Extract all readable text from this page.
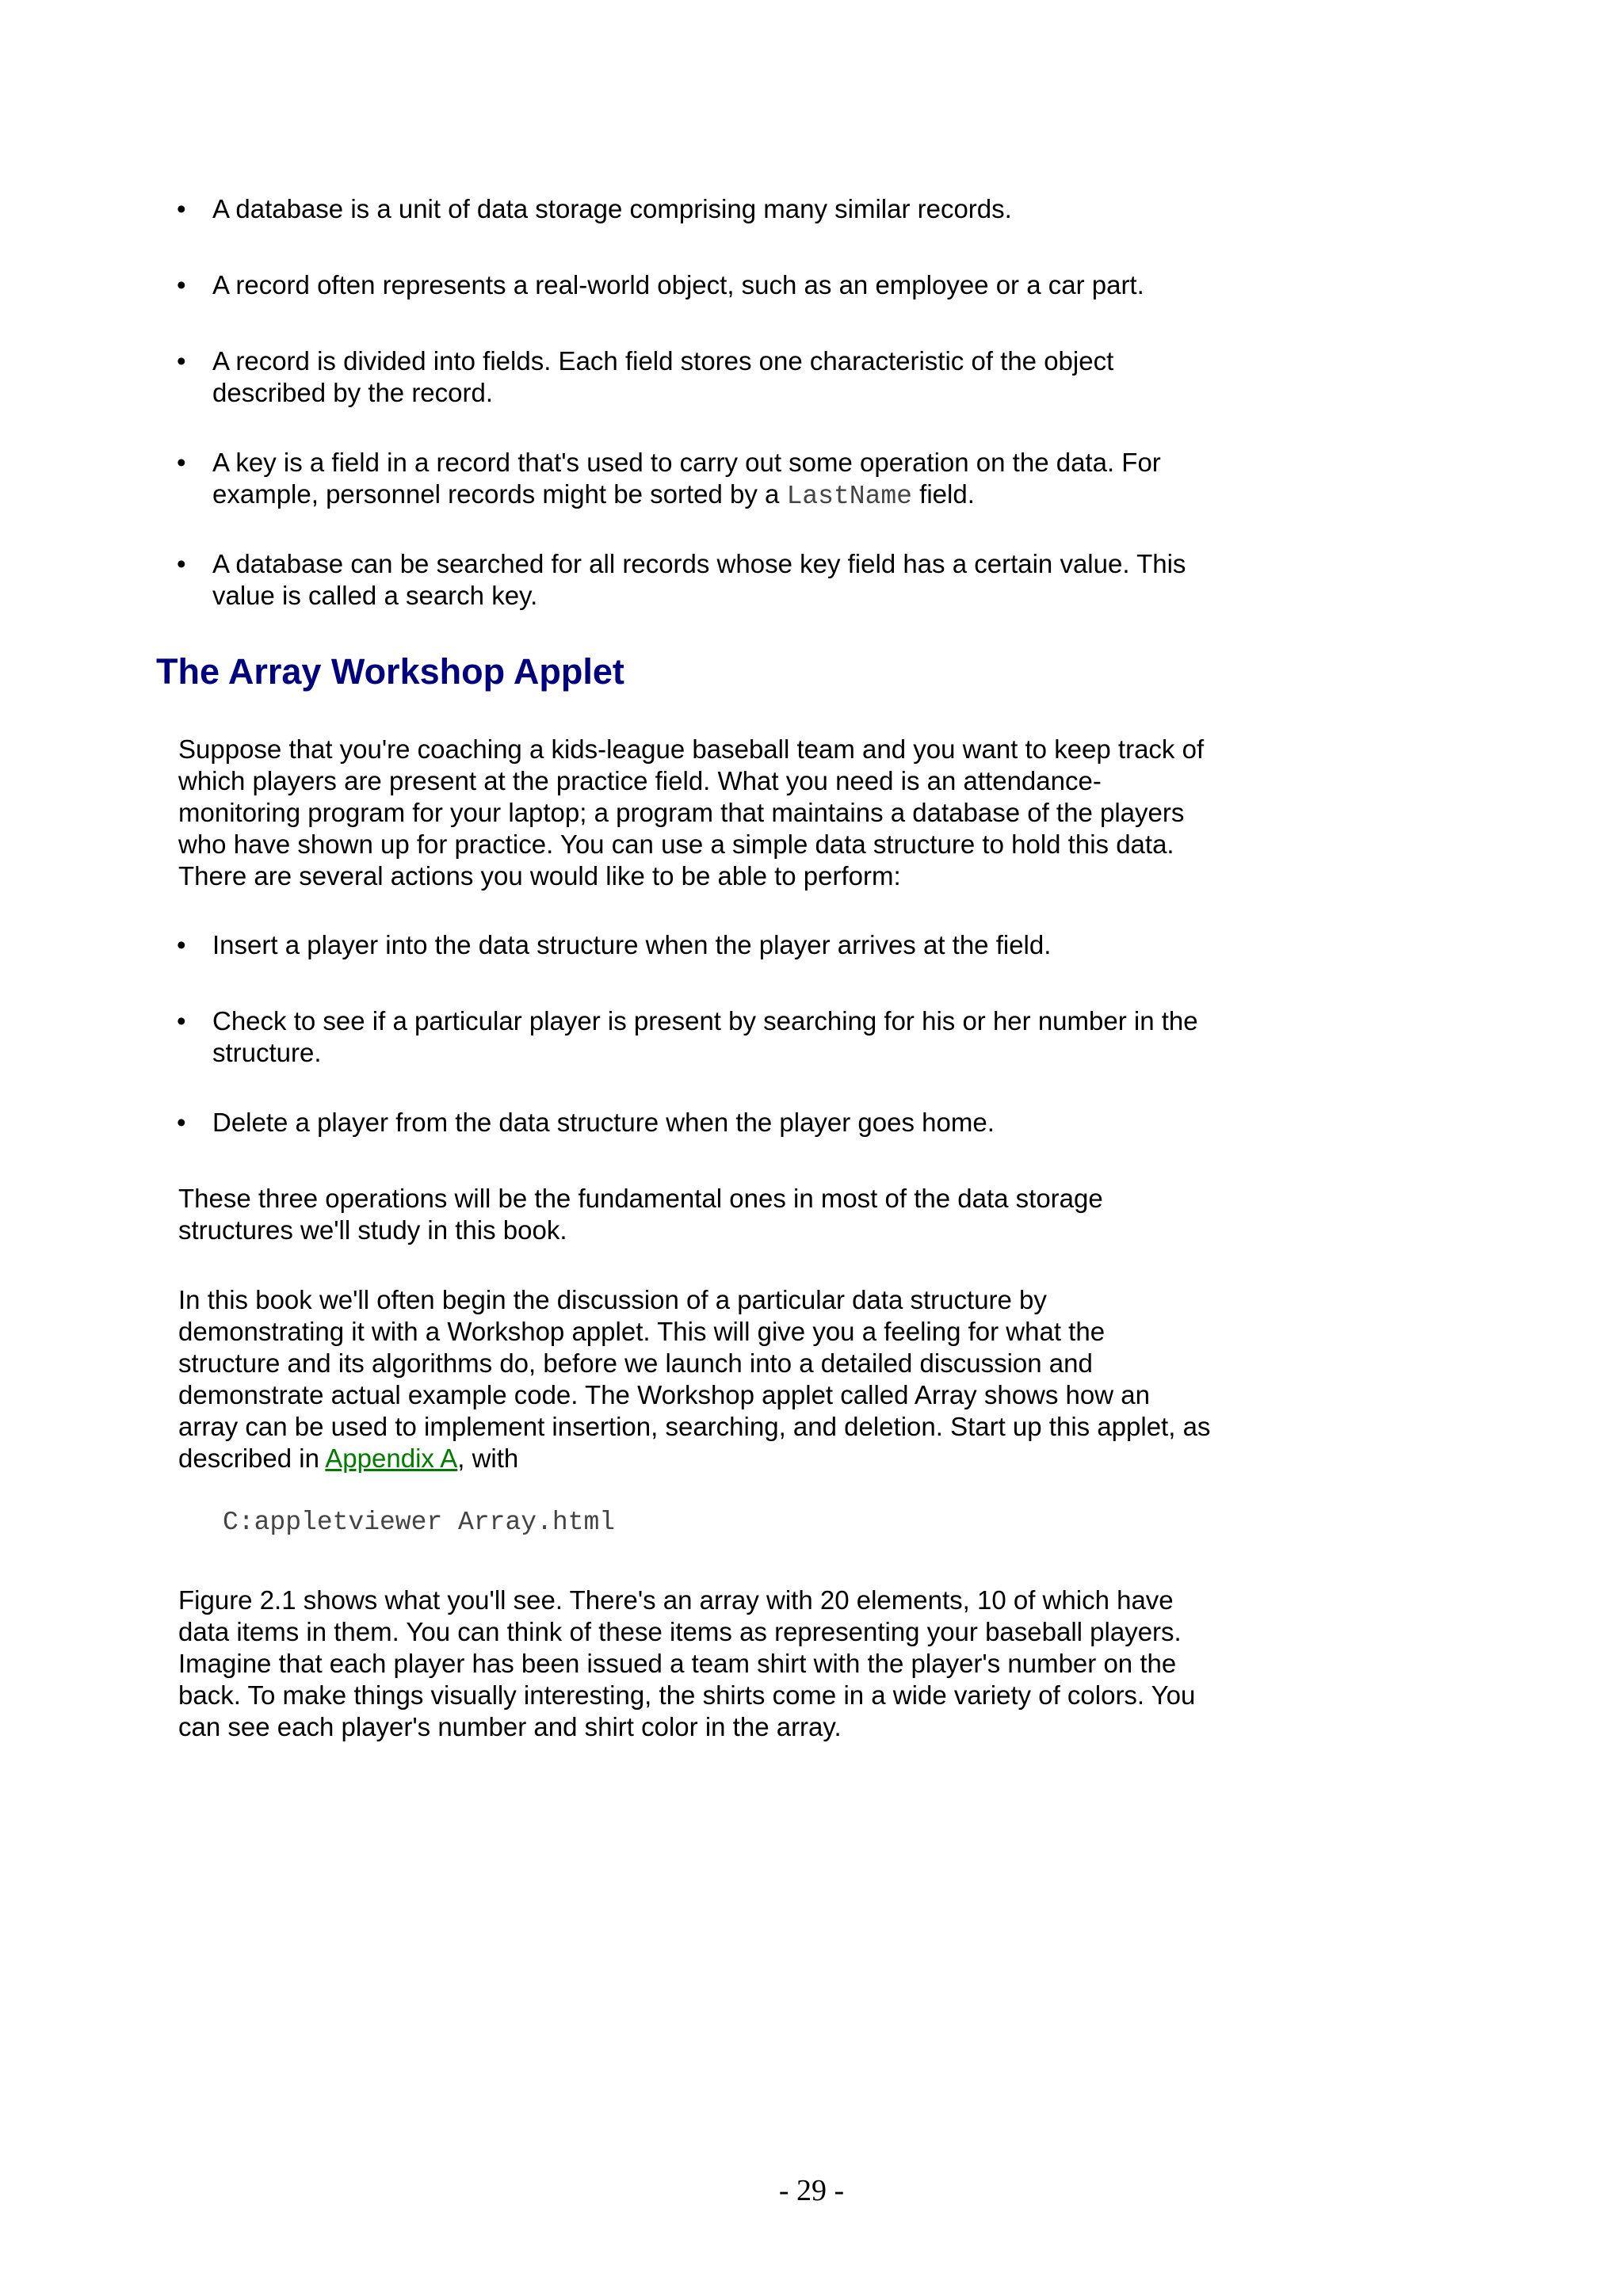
• A database is a unit of data storage comprising many similar records.

• A record often represents a real-world object, such as an employee or a car part.

• A record is divided into fields. Each field stores one characteristic of the object
described by the record.
• A key is a field in a record that's used to carry out some operation on the data. For
example, personnel records might be sorted by a LastName field.
• A database can be searched for all records whose key field has a certain value. This
value is called a search key.
The Array Workshop Applet
Suppose that you're coaching a kids-league baseball team and you want to keep track of
which players are present at the practice field. What you need is an attendance-
monitoring program for your laptop; a program that maintains a database of the players
who have shown up for practice. You can use a simple data structure to hold this data.
There are several actions you would like to be able to perform:
• Insert a player into the data structure when the player arrives at the field.

• Check to see if a particular player is present by searching for his or her number in the
structure.
• Delete a player from the data structure when the player goes home.

These three operations will be the fundamental ones in most of the data storage
structures we'll study in this book.
In this book we'll often begin the discussion of a particular data structure by
demonstrating it with a Workshop applet. This will give you a feeling for what the
structure and its algorithms do, before we launch into a detailed discussion and
demonstrate actual example code. The Workshop applet called Array shows how an
array can be used to implement insertion, searching, and deletion. Start up this applet, as
described in Appendix A, with
C:appletviewer Array.html
Figure 2.1 shows what you'll see. There's an array with 20 elements, 10 of which have
data items in them. You can think of these items as representing your baseball players.
Imagine that each player has been issued a team shirt with the player's number on the
back. To make things visually interesting, the shirts come in a wide variety of colors. You
can see each player's number and shirt color in the array.
- 29 -
